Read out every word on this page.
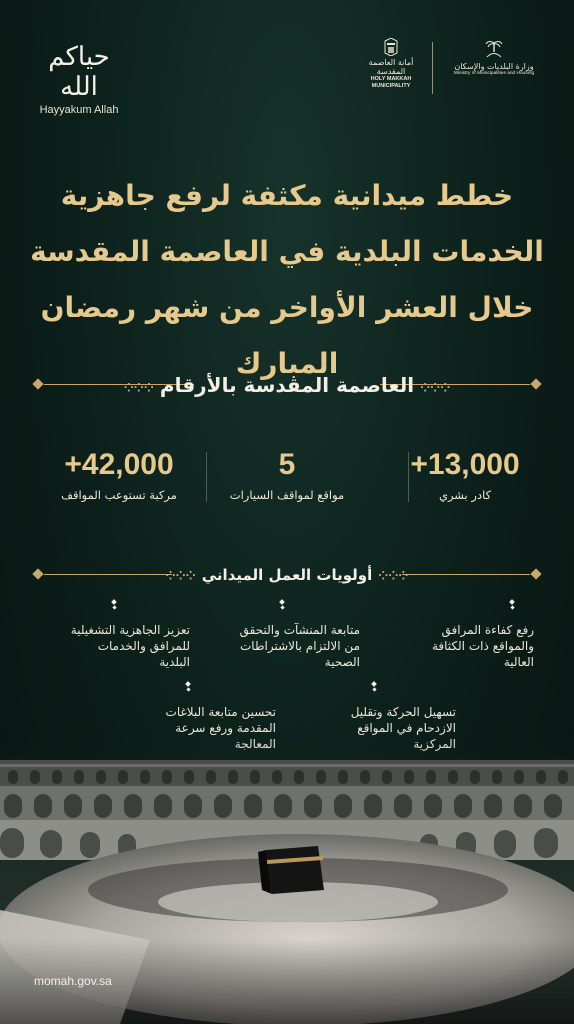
حياكم الله
Hayyakum Allah
أمانة العاصمة
المقدسة
HOLY MAKKAH
MUNICIPALITY
وزارة البلديات والإسكان
Ministry of Municipalities and Housing
خطط ميدانية مكثفة لرفع جاهزية
الخدمات البلدية في العاصمة المقدسة
خلال العشر الأواخر من شهر رمضان المبارك
⁘⁘⁘العاصمة المقدسة بالأرقام⁘⁘⁘
+13,000
كادر بشري
5
مواقع لمواقف السيارات
+42,000
مركبة تستوعب المواقف
⁘⁘⁘أولويات العمل الميداني⁘⁘⁘
رفع كفاءة المرافق
والمواقع ذات الكثافة
العالية
متابعة المنشآت والتحقق
من الالتزام بالاشتراطات
الصحية
تعزيز الجاهزية التشغيلية
للمرافق والخدمات
البلدية
تسهيل الحركة وتقليل
الازدحام في المواقع
تحسين متابعة البلاغات
المقدمة ورفع سرعة
momah.gov.sa
